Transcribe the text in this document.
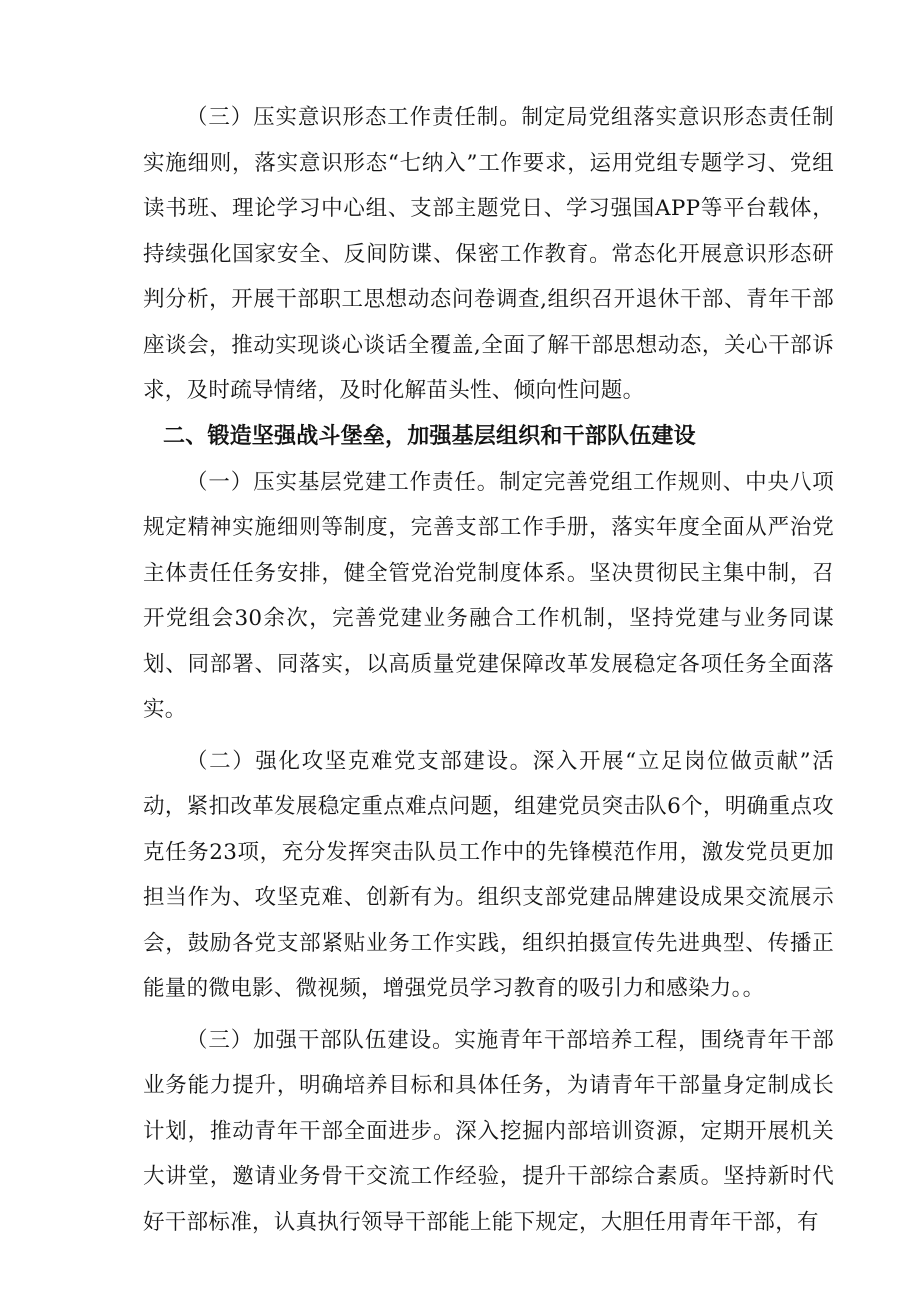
（三）压实意识形态工作责任制。制定局党组落实意识形态责任制实施细则，落实意识形态“七纳入”工作要求，运用党组专题学习、党组读书班、理论学习中心组、支部主题党日、学习强国APP等平台载体，持续强化国家安全、反间防谍、保密工作教育。常态化开展意识形态研判分析，开展干部职工思想动态问卷调查,组织召开退休干部、青年干部座谈会，推动实现谈心谈话全覆盖,全面了解干部思想动态，关心干部诉求，及时疏导情绪，及时化解苗头性、倾向性问题。

二、锻造坚强战斗堡垒，加强基层组织和干部队伍建设

（一）压实基层党建工作责任。制定完善党组工作规则、中央八项规定精神实施细则等制度，完善支部工作手册，落实年度全面从严治党主体责任任务安排，健全管党治党制度体系。坚决贯彻民主集中制，召开党组会30余次，完善党建业务融合工作机制，坚持党建与业务同谋划、同部署、同落实，以高质量党建保障改革发展稳定各项任务全面落实。

（二）强化攻坚克难党支部建设。深入开展“立足岗位做贡献”活动，紧扣改革发展稳定重点难点问题，组建党员突击队6个，明确重点攻克任务23项，充分发挥突击队员工作中的先锋模范作用，激发党员更加担当作为、攻坚克难、创新有为。组织支部党建品牌建设成果交流展示会，鼓励各党支部紧贴业务工作实践，组织拍摄宣传先进典型、传播正能量的微电影、微视频，增强党员学习教育的吸引力和感染力。。

（三）加强干部队伍建设。实施青年干部培养工程，围绕青年干部业务能力提升，明确培养目标和具体任务，为请青年干部量身定制成长计划，推动青年干部全面进步。深入挖掘内部培训资源，定期开展机关大讲堂，邀请业务骨干交流工作经验，提升干部综合素质。坚持新时代好干部标准，认真执行领导干部能上能下规定，大胆任用青年干部，有
